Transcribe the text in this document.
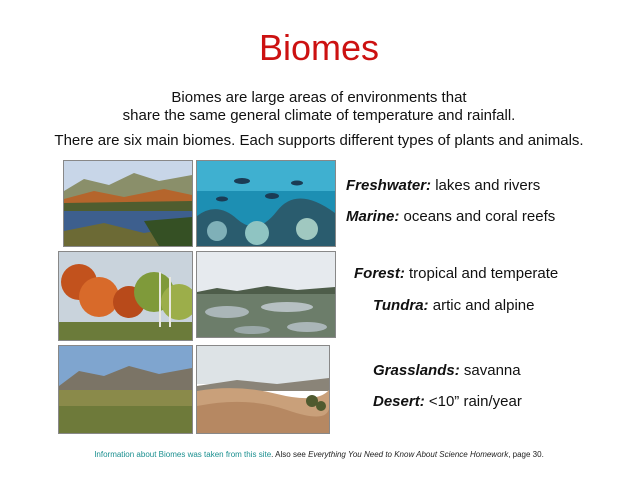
Biomes
Biomes are large areas of environments that
share the same general climate of temperature and rainfall.
There are six main biomes. Each supports different types of plants and animals.
Freshwater: lakes and rivers
Marine: oceans and coral reefs
Forest: tropical and temperate
Tundra: artic and alpine
Grasslands: savanna
Desert: <10” rain/year
Information about Biomes was taken from this site. Also see Everything You Need to Know About Science Homework, page 30.
